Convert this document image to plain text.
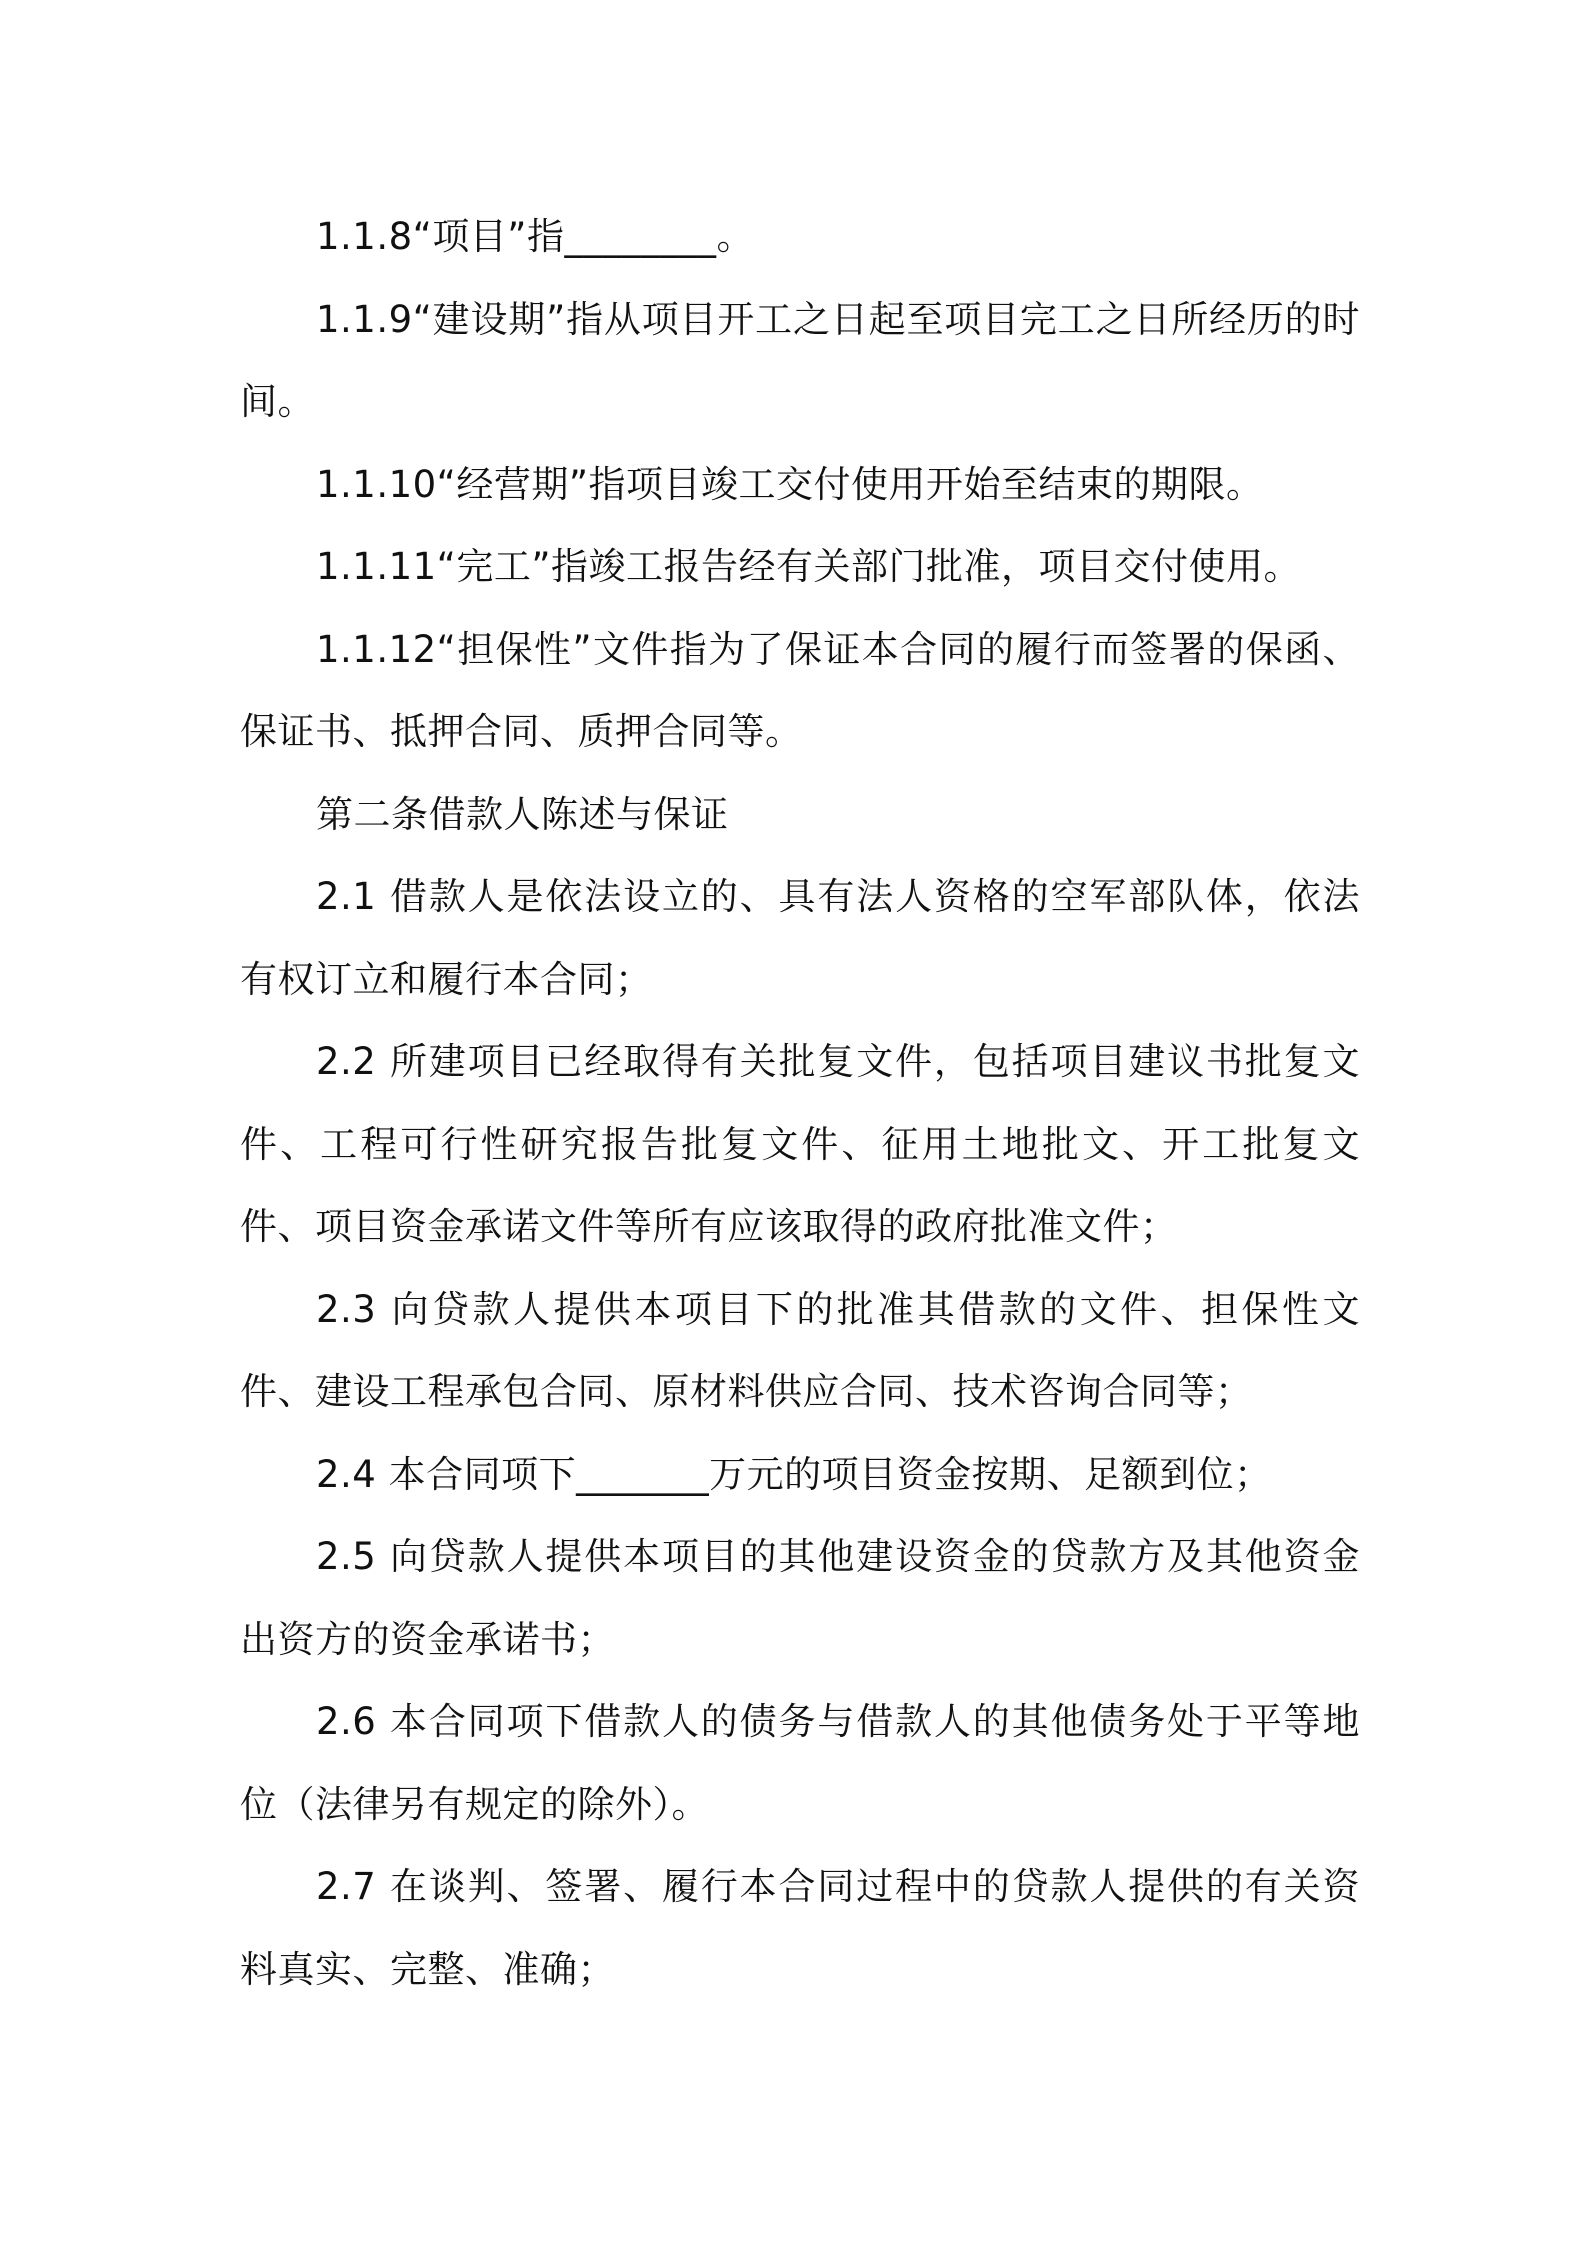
1.1.8“项目”指________。

1.1.9“建设期”指从项目开工之日起至项目完工之日所经历的时间。

1.1.10“经营期”指项目竣工交付使用开始至结束的期限。

1.1.11“完工”指竣工报告经有关部门批准，项目交付使用。

1.1.12“担保性”文件指为了保证本合同的履行而签署的保函、保证书、抵押合同、质押合同等。

第二条借款人陈述与保证

2.1 借款人是依法设立的、具有法人资格的空军部队体，依法有权订立和履行本合同；

2.2 所建项目已经取得有关批复文件，包括项目建议书批复文件、工程可行性研究报告批复文件、征用土地批文、开工批复文件、项目资金承诺文件等所有应该取得的政府批准文件；

2.3 向贷款人提供本项目下的批准其借款的文件、担保性文件、建设工程承包合同、原材料供应合同、技术咨询合同等；

2.4 本合同项下_______万元的项目资金按期、足额到位；

2.5 向贷款人提供本项目的其他建设资金的贷款方及其他资金出资方的资金承诺书；

2.6 本合同项下借款人的债务与借款人的其他债务处于平等地位（法律另有规定的除外）。

2.7 在谈判、签署、履行本合同过程中的贷款人提供的有关资料真实、完整、准确；
